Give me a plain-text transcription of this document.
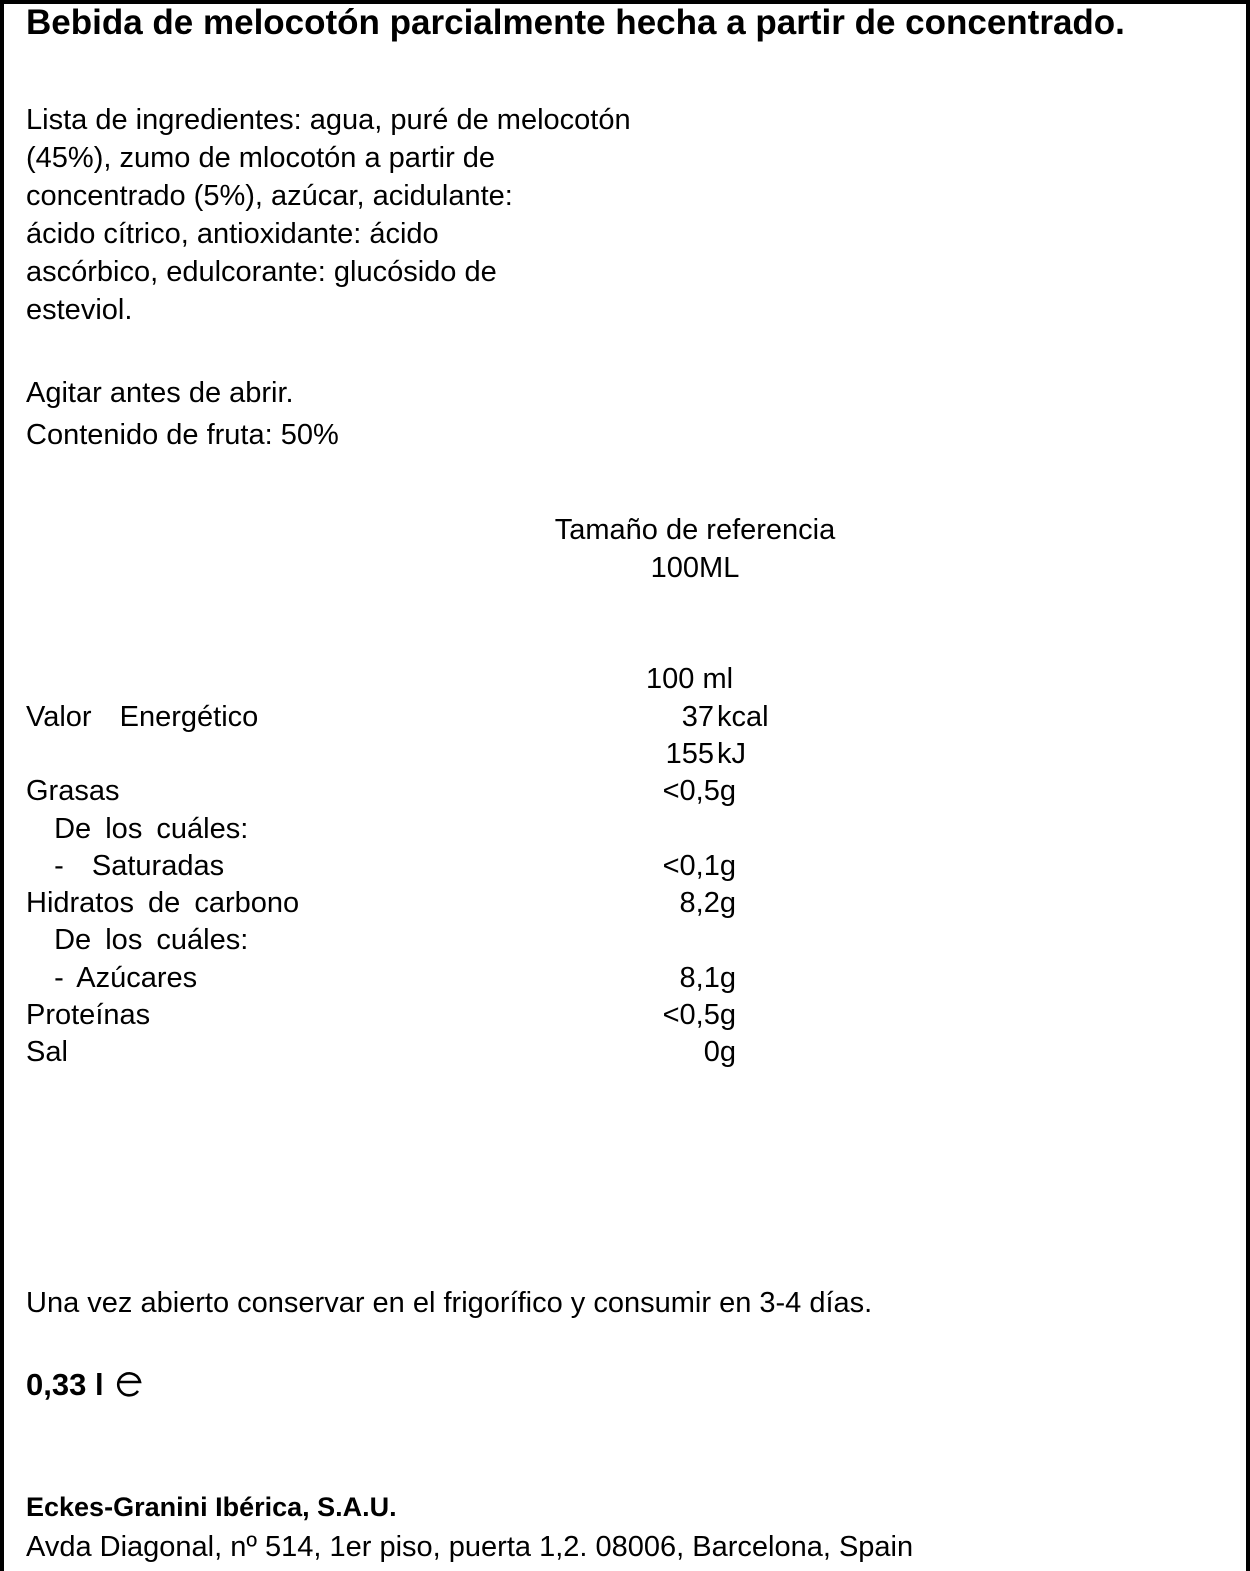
Bebida de melocotón parcialmente hecha a partir de concentrado.
Lista de ingredientes: agua, puré de melocotón
(45%), zumo de mlocotón a partir de
concentrado (5%), azúcar, acidulante:
ácido cítrico, antioxidante: ácido
ascórbico, edulcorante: glucósido de
esteviol.
Agitar antes de abrir.
Contenido de fruta: 50%
Tamaño de referencia
100ML
100 ml
Valor  Energético	37 kcal
155 kJ
Grasas	<0,5g
De los cuáles:
-  Saturadas	<0,1g
Hidratos de carbono	8,2g
De los cuáles:
- Azúcares	8,1g
Proteínas	<0,5g
Sal	0g
Una vez abierto conservar en el frigorífico y consumir en 3-4 días.
0,33 l
Eckes-Granini Ibérica, S.A.U.
Avda Diagonal, nº 514, 1er piso, puerta 1,2. 08006, Barcelona, Spain
